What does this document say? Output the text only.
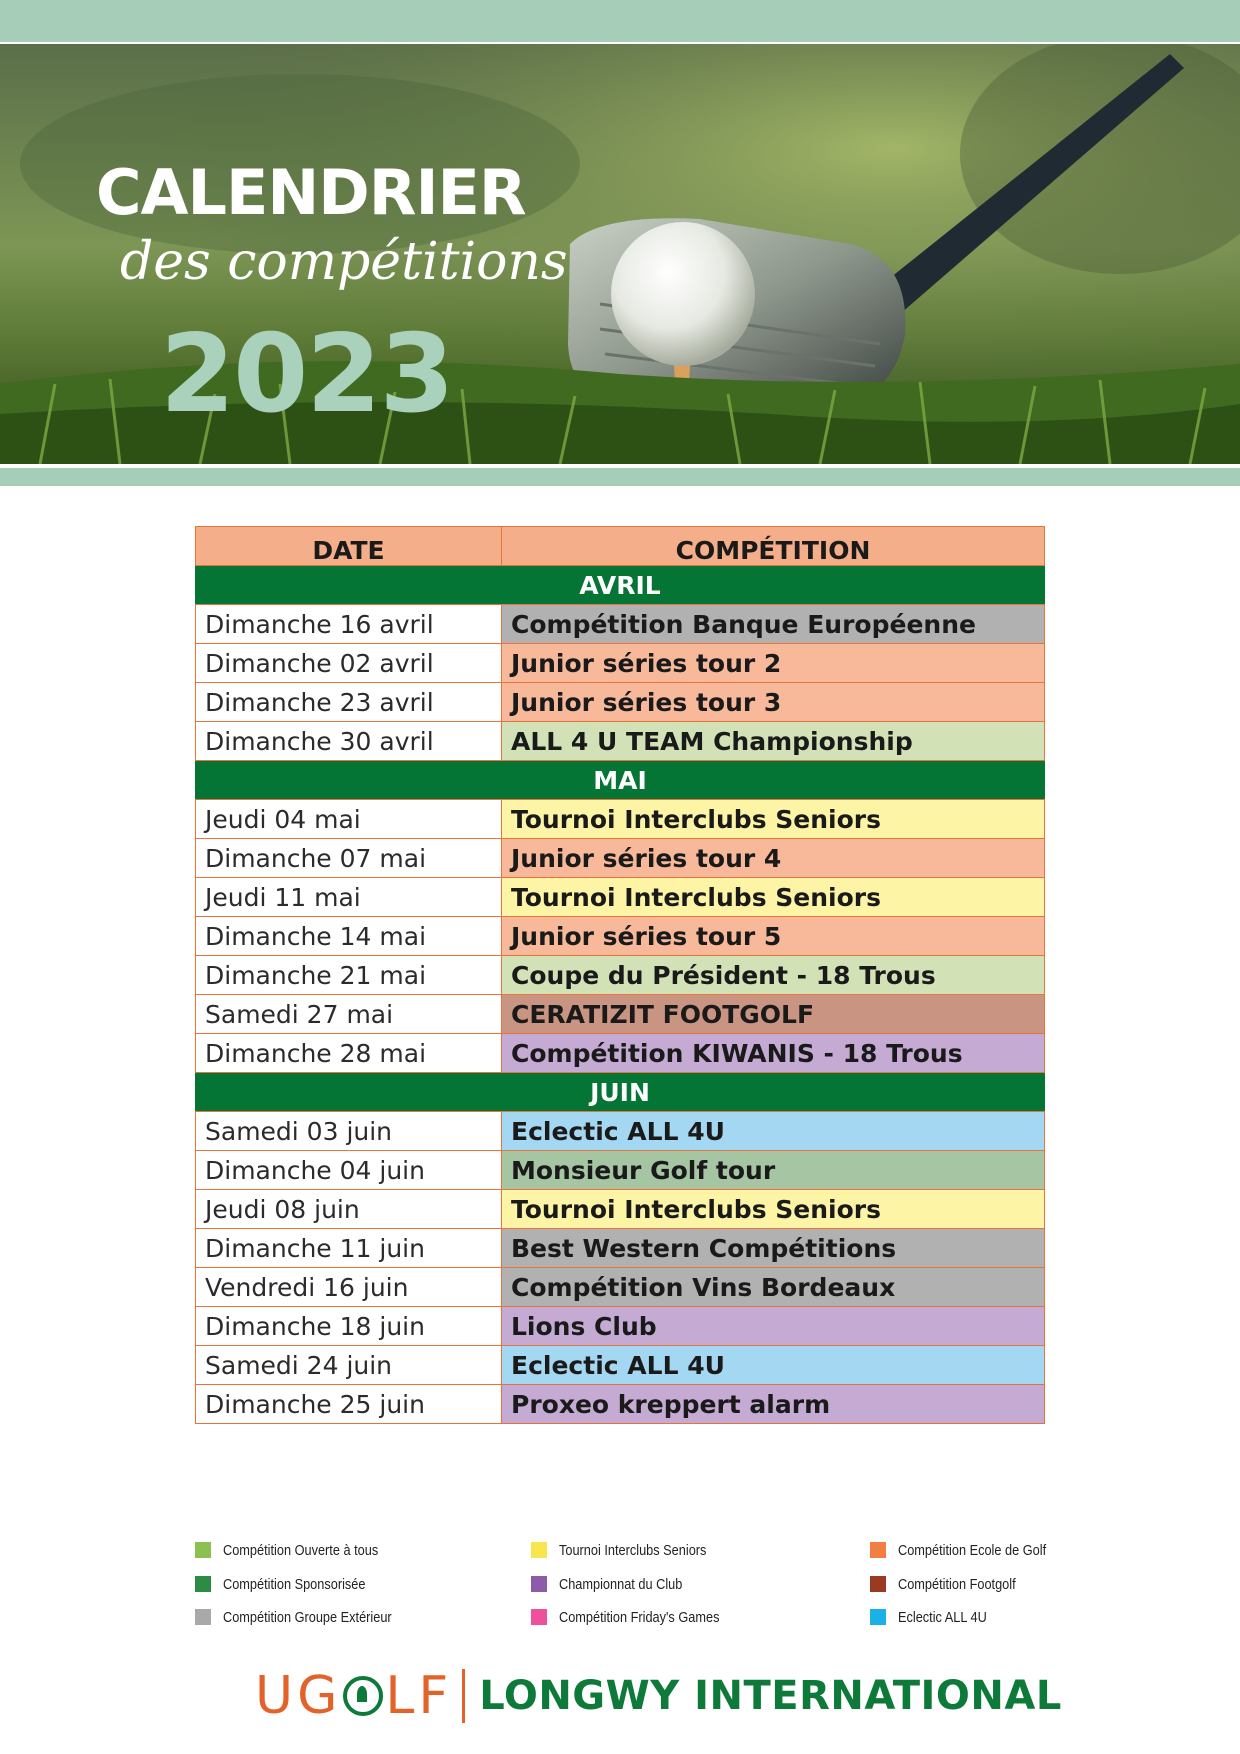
CALENDRIER

des compétitions

2023

DATE	COMPÉTITION
AVRIL	
Dimanche 16 avril	Compétition Banque Européenne
Dimanche 02 avril	Junior séries tour 2
Dimanche 23 avril	Junior séries tour 3
Dimanche 30 avril	ALL 4 U TEAM Championship
MAI	
Jeudi 04 mai	Tournoi Interclubs Seniors
Dimanche 07 mai	Junior séries tour 4
Jeudi 11 mai	Tournoi Interclubs Seniors
Dimanche 14 mai	Junior séries tour 5
Dimanche 21 mai	Coupe du Président - 18 Trous
Samedi 27 mai	CERATIZIT FOOTGOLF
Dimanche 28 mai	Compétition KIWANIS - 18 Trous
JUIN	
Samedi 03 juin	Eclectic ALL 4U
Dimanche 04 juin	Monsieur Golf tour
Jeudi 08 juin	Tournoi Interclubs Seniors
Dimanche 11 juin	Best Western Compétitions
Vendredi 16 juin	Compétition Vins Bordeaux
Dimanche 18 juin	Lions Club
Samedi 24 juin	Eclectic ALL 4U
Dimanche 25 juin	Proxeo kreppert alarm
Compétition Ouverte à tous
Compétition Sponsorisée
Compétition Groupe Extérieur
Tournoi Interclubs Seniors
Championnat du Club
Compétition Friday's Games
Compétition Ecole de Golf
Compétition Footgolf
Eclectic ALL 4U
U G LF LONGWY INTERNATIONAL
